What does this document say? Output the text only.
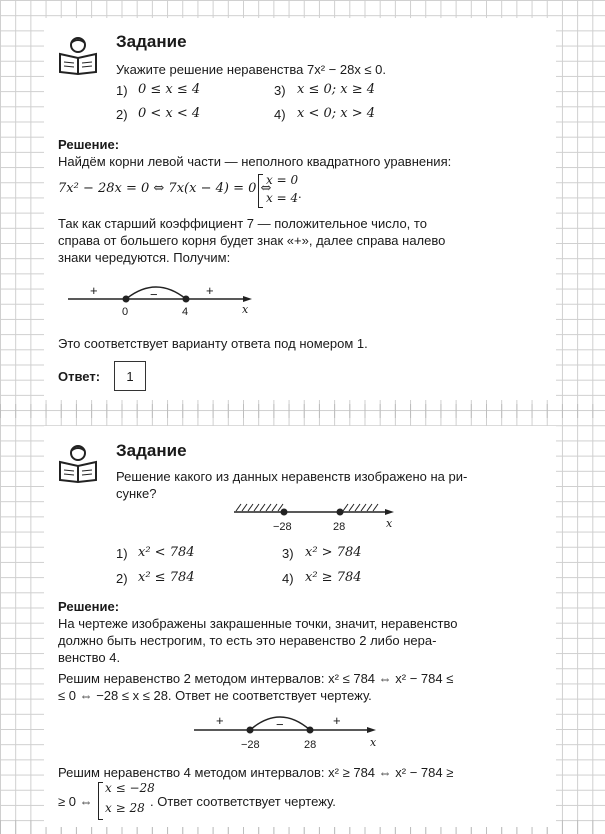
Задание
Укажите решение неравенства 7x² − 28x ≤ 0.
1) 0 ≤ x ≤ 4	3) x ≤ 0; x ≥ 4
2) 0 < x < 4	4) x < 0; x > 4
Решение:
Найдём корни левой части — неполного квадратного уравнения:
7x² − 28x = 0 ⇔ 7x(x − 4) = 0 ⇔
x = 0
x = 4 .
Так как старший коэффициент 7 — положительное число, то
справа от большего корня будет знак «+», далее справа налево
знаки чередуются. Получим:
+	−	+
0	4	x
Это соответствует варианту ответа под номером 1.
Ответ:	1
Задание
Решение какого из данных неравенств изображено на ри-
сунке?
−28	28	x
1) x² < 784	3) x² > 784
2) x² ≤ 784	4) x² ≥ 784
Решение:
На чертеже изображены закрашенные точки, значит, неравенство
должно быть нестрогим, то есть это неравенство 2 либо нера-
венство 4.
Решим неравенство 2 методом интервалов: x² ≤ 784 ⇔ x² − 784 ≤
≤ 0 ⇔ −28 ≤ x ≤ 28. Ответ не соответствует чертежу.
+	−	+
−28	28	x
Решим неравенство 4 методом интервалов: x² ≥ 784 ⇔ x² − 784 ≥
≥ 0 ⇔
x ≤ −28
x ≥ 28 . Ответ соответствует чертежу.
